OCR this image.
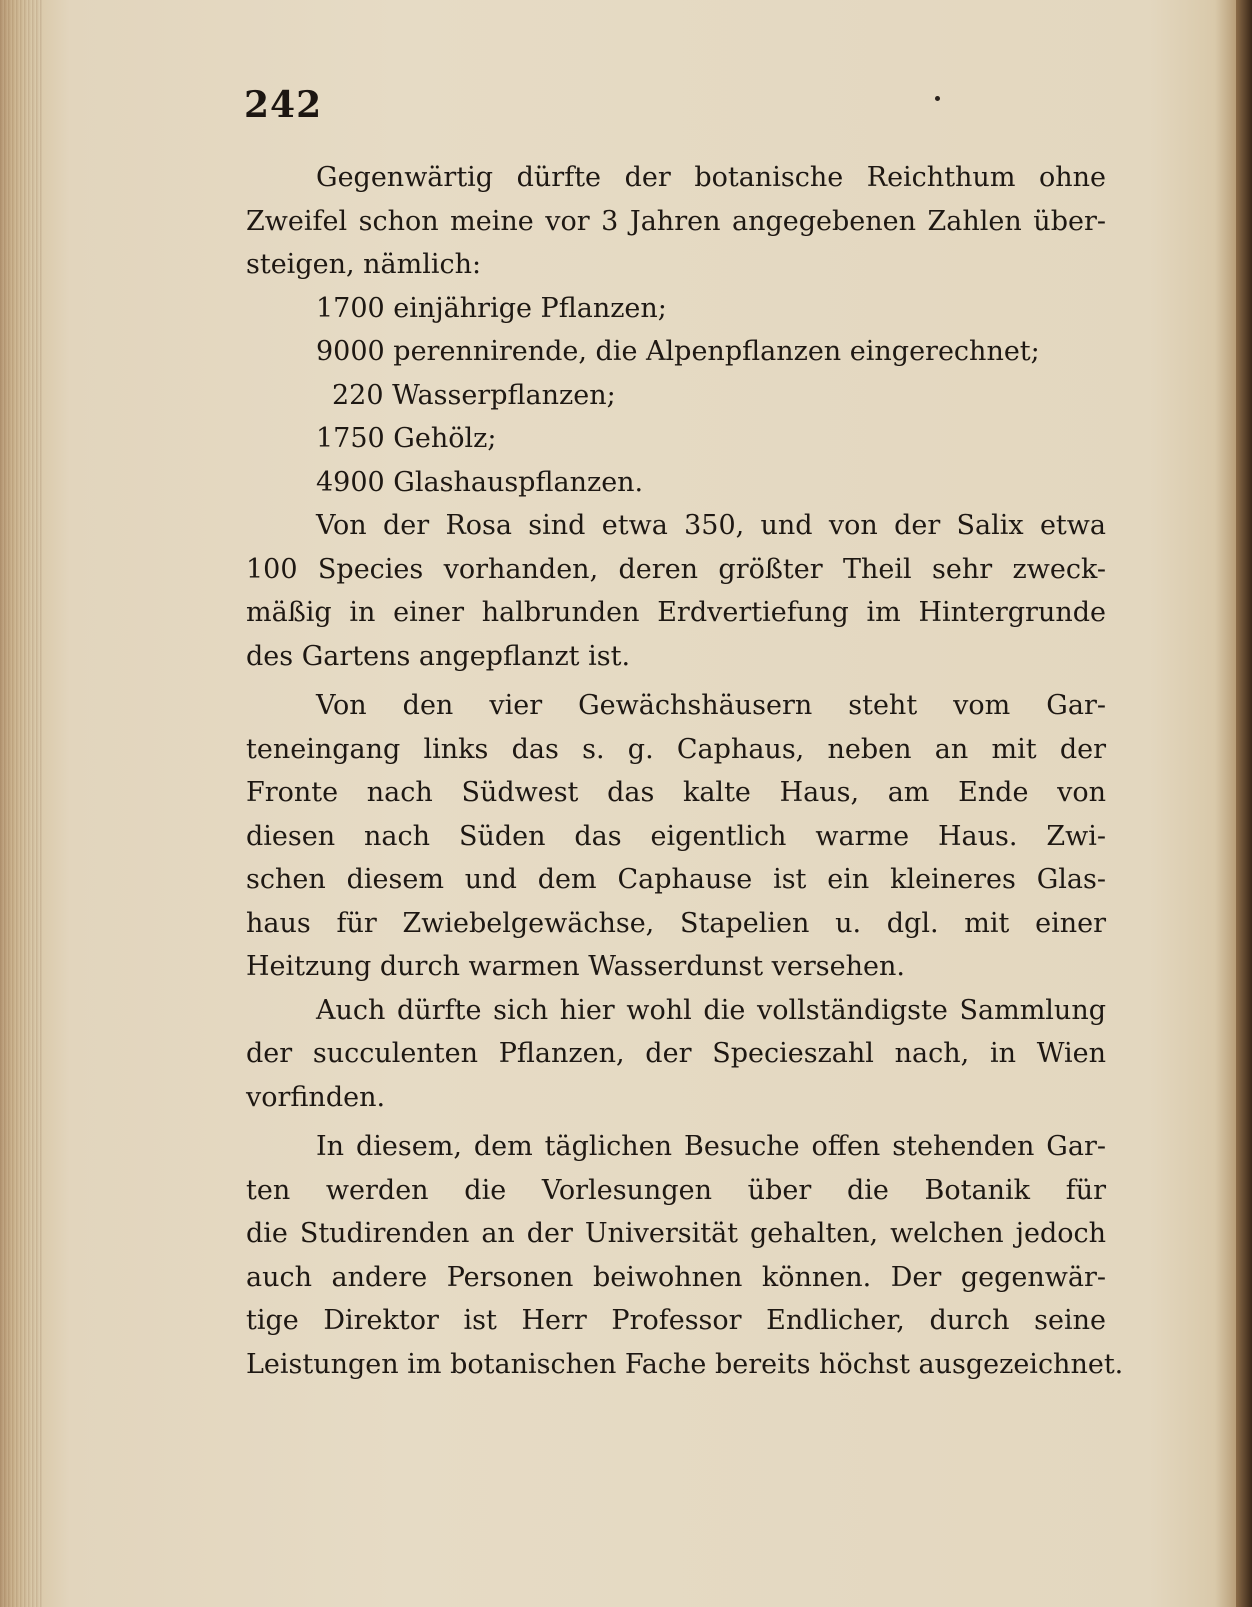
242
Gegenwärtig dürfte der botanische Reichthum ohne
Zweifel schon meine vor 3 Jahren angegebenen Zahlen über-
steigen, nämlich:
1700 einjährige Pflanzen;
9000 perennirende, die Alpenpflanzen eingerechnet;
220 Wasserpflanzen;
1750 Gehölz;
4900 Glashauspflanzen.
Von der Rosa sind etwa 350, und von der Salix etwa
100 Species vorhanden, deren größter Theil sehr zweck-
mäßig in einer halbrunden Erdvertiefung im Hintergrunde
des Gartens angepflanzt ist.
Von den vier Gewächshäusern steht vom Gar-
teneingang links das s. g. Caphaus, neben an mit der
Fronte nach Südwest das kalte Haus, am Ende von
diesen nach Süden das eigentlich warme Haus. Zwi-
schen diesem und dem Caphause ist ein kleineres Glas-
haus für Zwiebelgewächse, Stapelien u. dgl. mit einer
Heitzung durch warmen Wasserdunst versehen.
Auch dürfte sich hier wohl die vollständigste Sammlung
der succulenten Pflanzen, der Specieszahl nach, in Wien
vorfinden.
In diesem, dem täglichen Besuche offen stehenden Gar-
ten werden die Vorlesungen über die Botanik für
die Studirenden an der Universität gehalten, welchen jedoch
auch andere Personen beiwohnen können. Der gegenwär-
tige Direktor ist Herr Professor Endlicher, durch seine
Leistungen im botanischen Fache bereits höchst ausgezeichnet.
